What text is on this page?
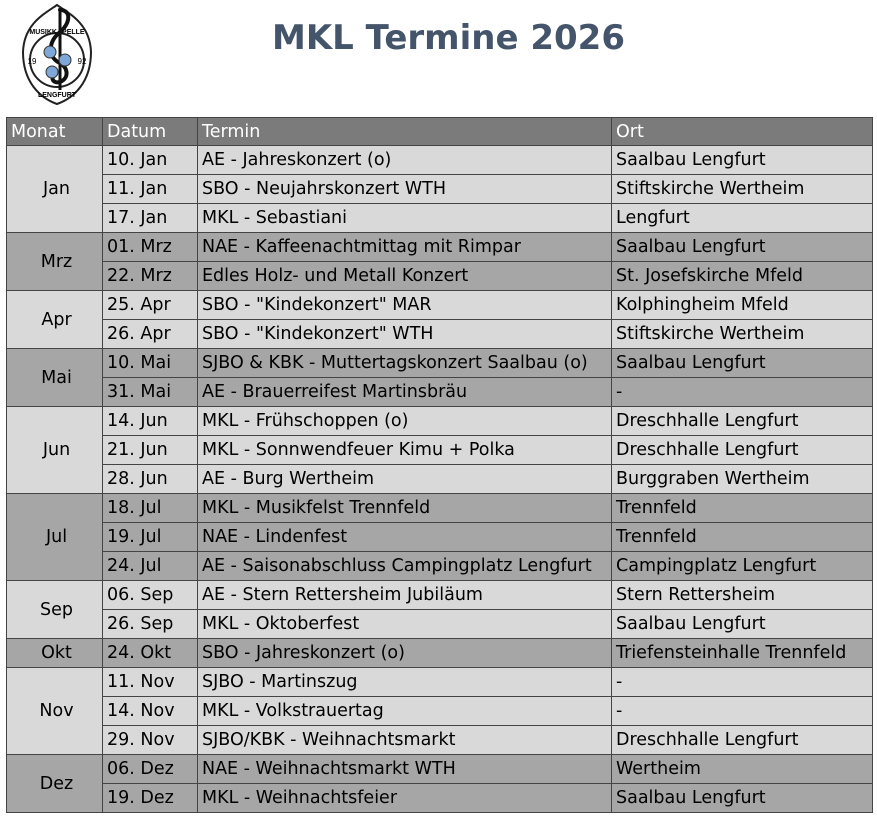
MUSIKKAPELLE
19	92
LENGFURT
MKL Termine 2026
Monat	Datum	Termin	Ort
Jan	10. Jan	AE - Jahreskonzert (o)	Saalbau Lengfurt
	11. Jan	SBO - Neujahrskonzert WTH	Stiftskirche Wertheim
	17. Jan	MKL - Sebastiani	Lengfurt
Mrz	01. Mrz	NAE - Kaffeenachtmittag mit Rimpar	Saalbau Lengfurt
	22. Mrz	Edles Holz- und Metall Konzert	St. Josefskirche Mfeld
Apr	25. Apr	SBO - "Kindekonzert" MAR	Kolphingheim Mfeld
	26. Apr	SBO - "Kindekonzert" WTH	Stiftskirche Wertheim
Mai	10. Mai	SJBO & KBK - Muttertagskonzert Saalbau (o)	Saalbau Lengfurt
	31. Mai	AE - Brauerreifest Martinsbräu	-
Jun	14. Jun	MKL - Frühschoppen (o)	Dreschhalle Lengfurt
	21. Jun	MKL - Sonnwendfeuer Kimu + Polka	Dreschhalle Lengfurt
	28. Jun	AE - Burg Wertheim	Burggraben Wertheim
Jul	18. Jul	MKL - Musikfelst Trennfeld	Trennfeld
	19. Jul	NAE - Lindenfest	Trennfeld
	24. Jul	AE - Saisonabschluss Campingplatz Lengfurt	Campingplatz Lengfurt
Sep	06. Sep	AE - Stern Rettersheim Jubiläum	Stern Rettersheim
	26. Sep	MKL - Oktoberfest	Saalbau Lengfurt
Okt	24. Okt	SBO - Jahreskonzert (o)	Triefensteinhalle Trennfeld
Nov	11. Nov	SJBO - Martinszug	-
	14. Nov	MKL - Volkstrauertag	-
	29. Nov	SJBO/KBK - Weihnachtsmarkt	Dreschhalle Lengfurt
Dez	06. Dez	NAE - Weihnachtsmarkt WTH	Wertheim
	19. Dez	MKL - Weihnachtsfeier	Saalbau Lengfurt
